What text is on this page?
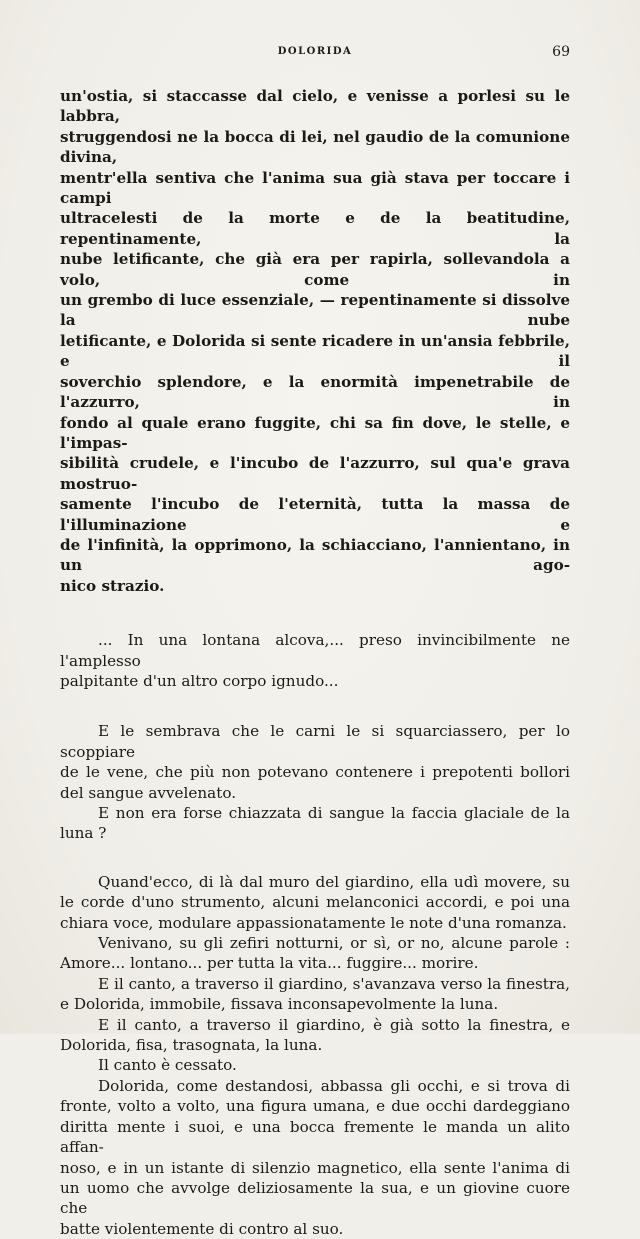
DOLORIDA	69

un'ostia, si staccasse dal cielo, e venisse a porlesi su le labbra,

struggendosi ne la bocca di lei, nel gaudio de la comunione divina,

mentr'ella sentiva che l'anima sua già stava per toccare i campi

ultracelesti de la morte e de la beatitudine, repentinamente, la

nube letificante, che già era per rapirla, sollevandola a volo, come in

un grembo di luce essenziale, — repentinamente si dissolve la nube

letificante, e Dolorida si sente ricadere in un'ansia febbrile, e il

soverchio splendore, e la enormità impenetrabile de l'azzurro, in

fondo al quale erano fuggite, chi sa fin dove, le stelle, e l'impas-

sibilità crudele, e l'incubo de l'azzurro, sul qua'e grava mostruo-

samente l'incubo de l'eternità, tutta la massa de l'illuminazione e

de l'infinità, la opprimono, la schiacciano, l'annientano, in un ago-

nico strazio.

... In una lontana alcova,... preso invincibilmente ne l'amplesso

palpitante d'un altro corpo ignudo...

E le sembrava che le carni le si squarciassero, per lo scoppiare

de le vene, che più non potevano contenere i prepotenti bollori

del sangue avvelenato.

E non era forse chiazzata di sangue la faccia glaciale de la luna ?

Quand'ecco, di là dal muro del giardino, ella udì movere, su

le corde d'uno strumento, alcuni melanconici accordi, e poi una

chiara voce, modulare appassionatamente le note d'una romanza.

Venivano, su gli zefiri notturni, or sì, or no, alcune parole :

Amore... lontano... per tutta la vita... fuggire... morire.

E il canto, a traverso il giardino, s'avanzava verso la finestra,

e Dolorida, immobile, fissava inconsapevolmente la luna.

E il canto, a traverso il giardino, è già sotto la finestra, e

Dolorida, fisa, trasognata, la luna.

Il canto è cessato.

Dolorida, come destandosi, abbassa gli occhi, e si trova di

fronte, volto a volto, una figura umana, e due occhi dardeggiano

diritta mente i suoi, e una bocca fremente le manda un alito affan-

noso, e in un istante di silenzio magnetico, ella sente l'anima di

un uomo che avvolge deliziosamente la sua, e un giovine cuore che

batte violentemente di contro al suo.
